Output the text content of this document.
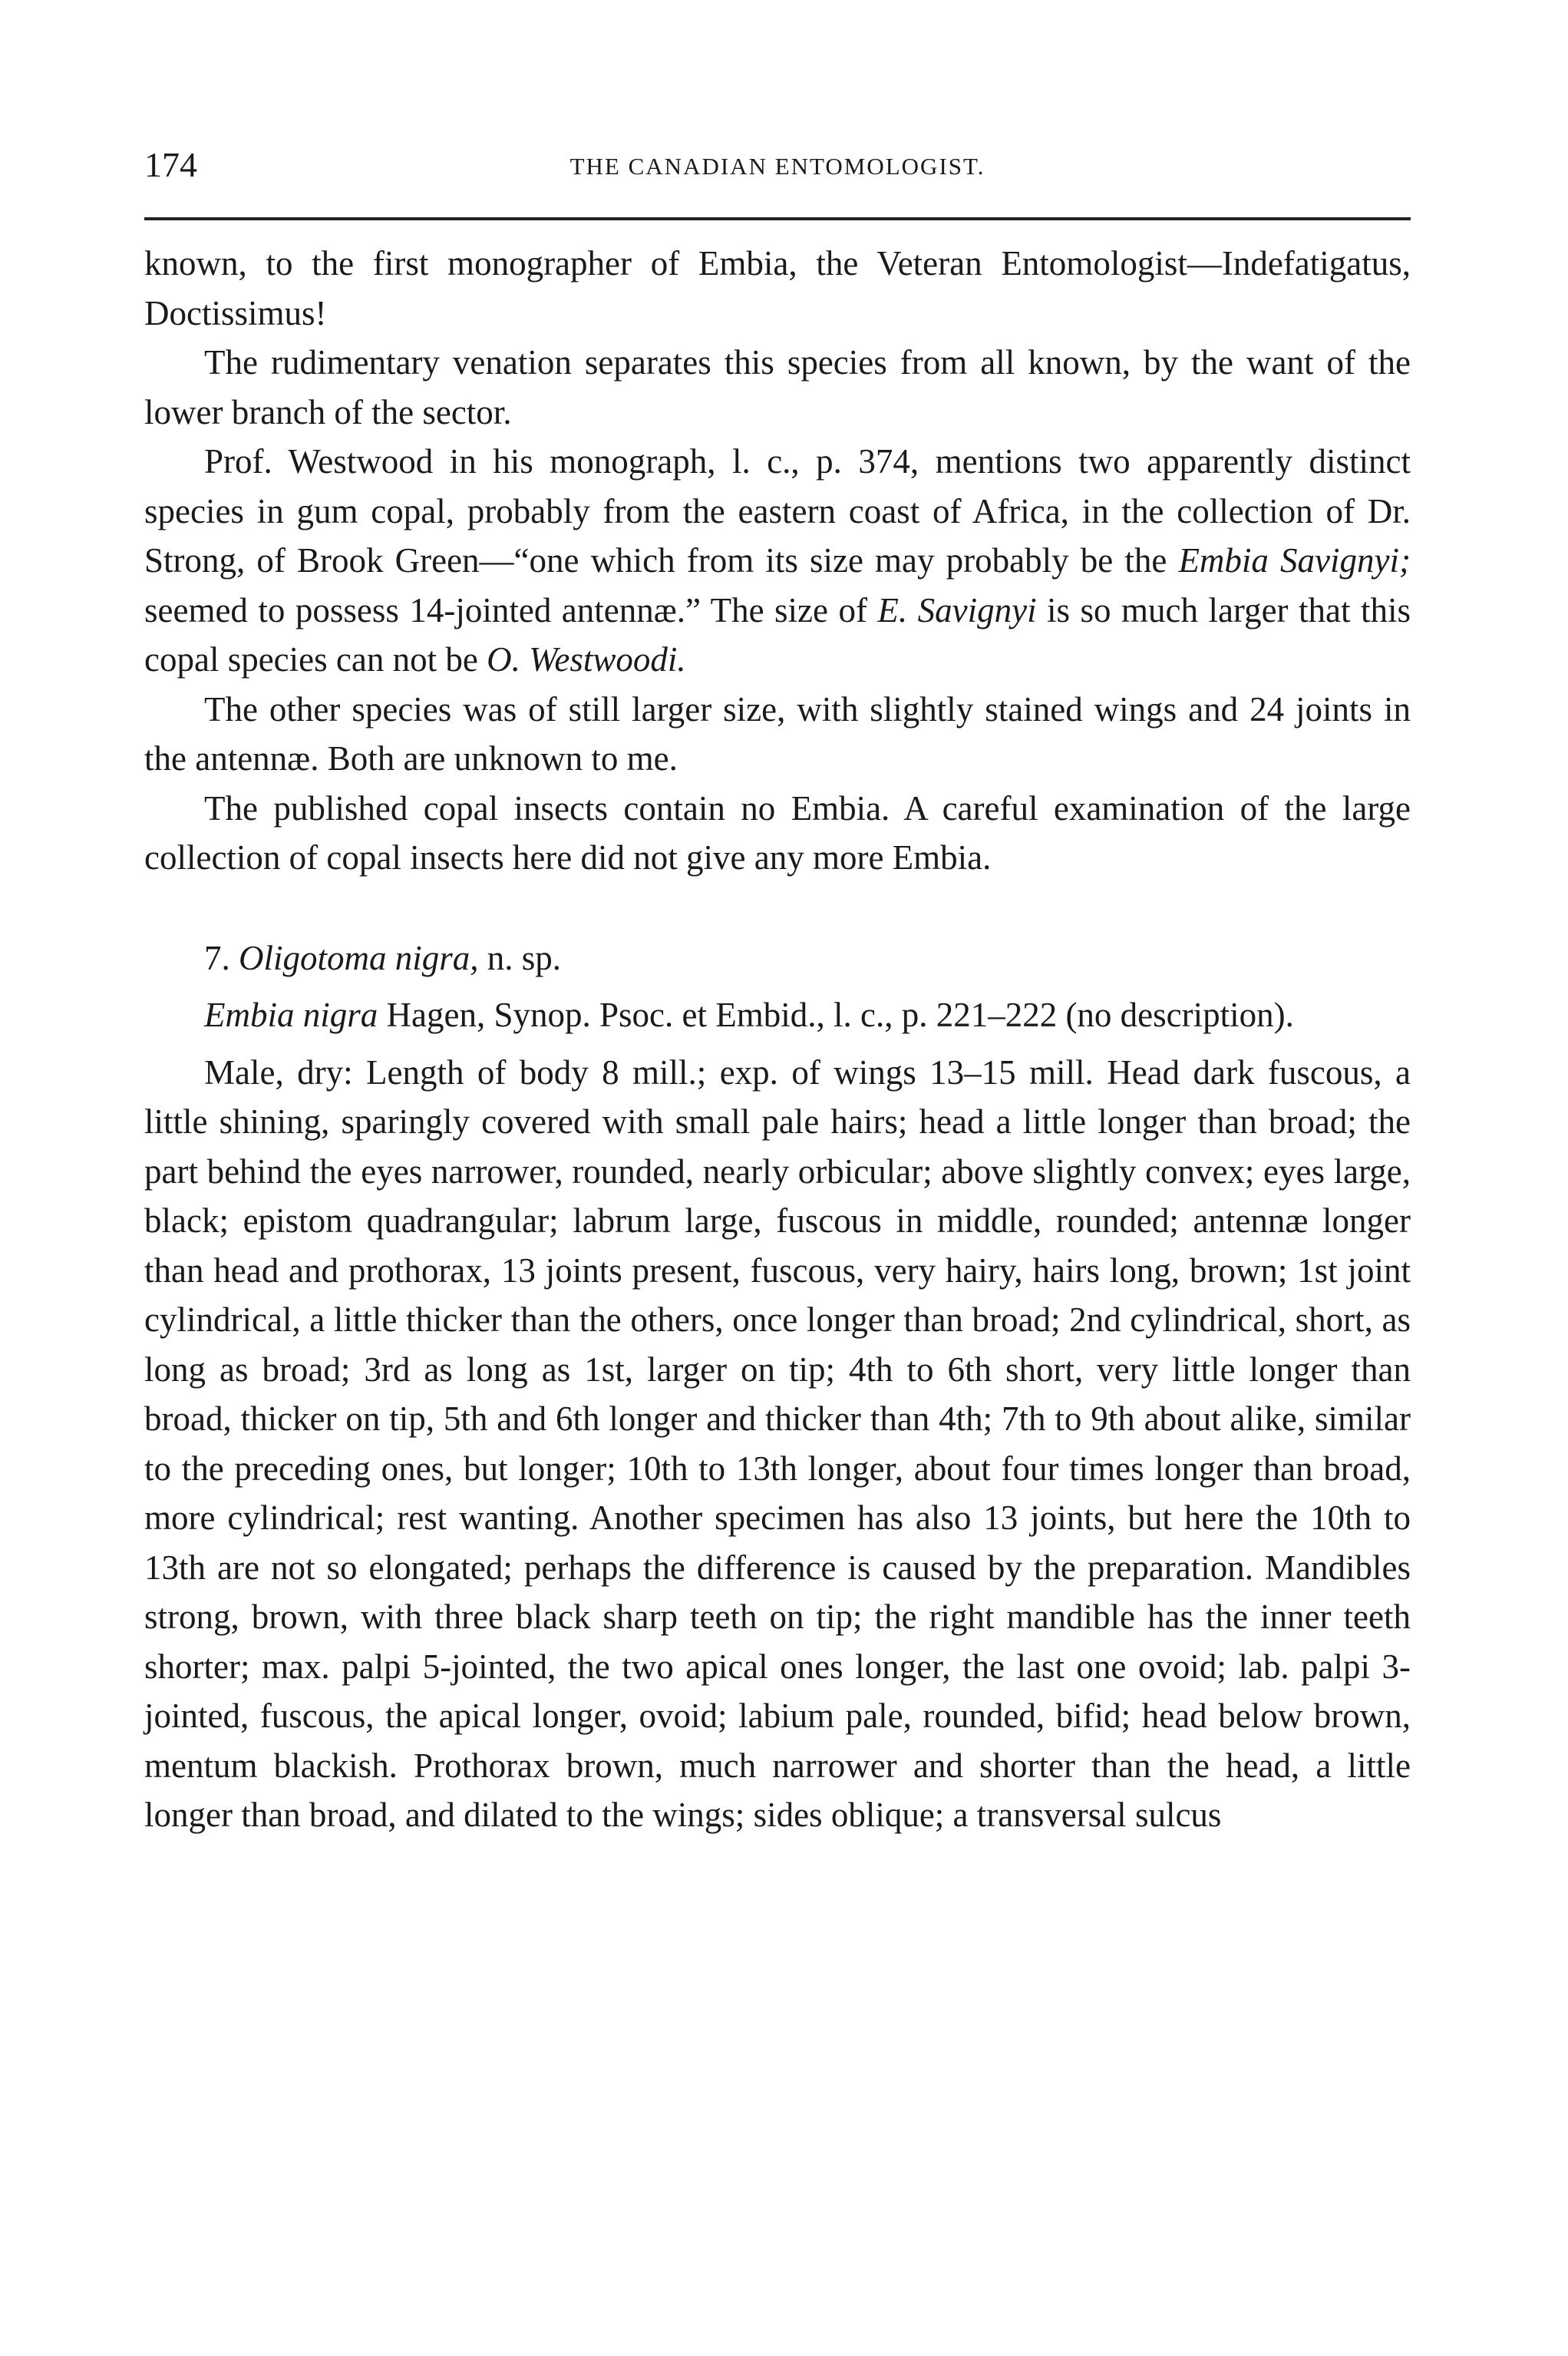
174	THE CANADIAN ENTOMOLOGIST.

known, to the first monographer of Embia, the Veteran Entomologist—Indefatigatus, Doctissimus!

The rudimentary venation separates this species from all known, by the want of the lower branch of the sector.

Prof. Westwood in his monograph, l. c., p. 374, mentions two apparently distinct species in gum copal, probably from the eastern coast of Africa, in the collection of Dr. Strong, of Brook Green—“one which from its size may probably be the Embia Savignyi; seemed to possess 14-jointed antennæ.” The size of E. Savignyi is so much larger that this copal species can not be O. Westwoodi.

The other species was of still larger size, with slightly stained wings and 24 joints in the antennæ. Both are unknown to me.

The published copal insects contain no Embia. A careful examination of the large collection of copal insects here did not give any more Embia.

7. Oligotoma nigra, n. sp.

Embia nigra Hagen, Synop. Psoc. et Embid., l. c., p. 221–222 (no description).

Male, dry: Length of body 8 mill.; exp. of wings 13–15 mill. Head dark fuscous, a little shining, sparingly covered with small pale hairs; head a little longer than broad; the part behind the eyes narrower, rounded, nearly orbicular; above slightly convex; eyes large, black; epistom quadrangular; labrum large, fuscous in middle, rounded; antennæ longer than head and prothorax, 13 joints present, fuscous, very hairy, hairs long, brown; 1st joint cylindrical, a little thicker than the others, once longer than broad; 2nd cylindrical, short, as long as broad; 3rd as long as 1st, larger on tip; 4th to 6th short, very little longer than broad, thicker on tip, 5th and 6th longer and thicker than 4th; 7th to 9th about alike, similar to the preceding ones, but longer; 10th to 13th longer, about four times longer than broad, more cylindrical; rest wanting. Another specimen has also 13 joints, but here the 10th to 13th are not so elongated; perhaps the difference is caused by the preparation. Mandibles strong, brown, with three black sharp teeth on tip; the right mandible has the inner teeth shorter; max. palpi 5-jointed, the two apical ones longer, the last one ovoid; lab. palpi 3-jointed, fuscous, the apical longer, ovoid; labium pale, rounded, bifid; head below brown, mentum blackish. Prothorax brown, much narrower and shorter than the head, a little longer than broad, and dilated to the wings; sides oblique; a transversal sulcus
